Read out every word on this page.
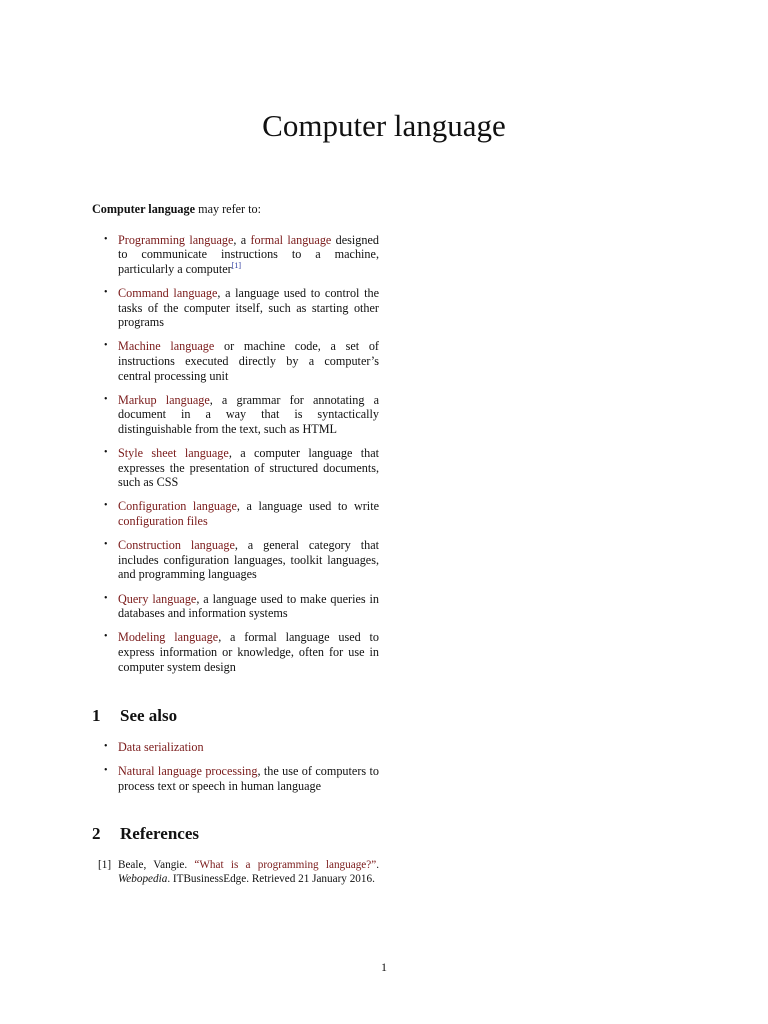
Computer language

Computer language may refer to:

• Programming language, a formal language designed to communicate instructions to a machine, particularly a computer[1]
• Command language, a language used to control the tasks of the computer itself, such as starting other programs
• Machine language or machine code, a set of instructions executed directly by a computer’s central processing unit
• Markup language, a grammar for annotating a document in a way that is syntactically distinguishable from the text, such as HTML
• Style sheet language, a computer language that expresses the presentation of structured documents, such as CSS
• Configuration language, a language used to write configuration files
• Construction language, a general category that includes configuration languages, toolkit languages, and programming languages
• Query language, a language used to make queries in databases and information systems
• Modeling language, a formal language used to express information or knowledge, often for use in computer system design
1 See also
• Data serialization
• Natural language processing, the use of computers to process text or speech in human language
2 References
[1] Beale, Vangie. “What is a programming language?”. Webopedia. ITBusinessEdge. Retrieved 21 January 2016.
1
